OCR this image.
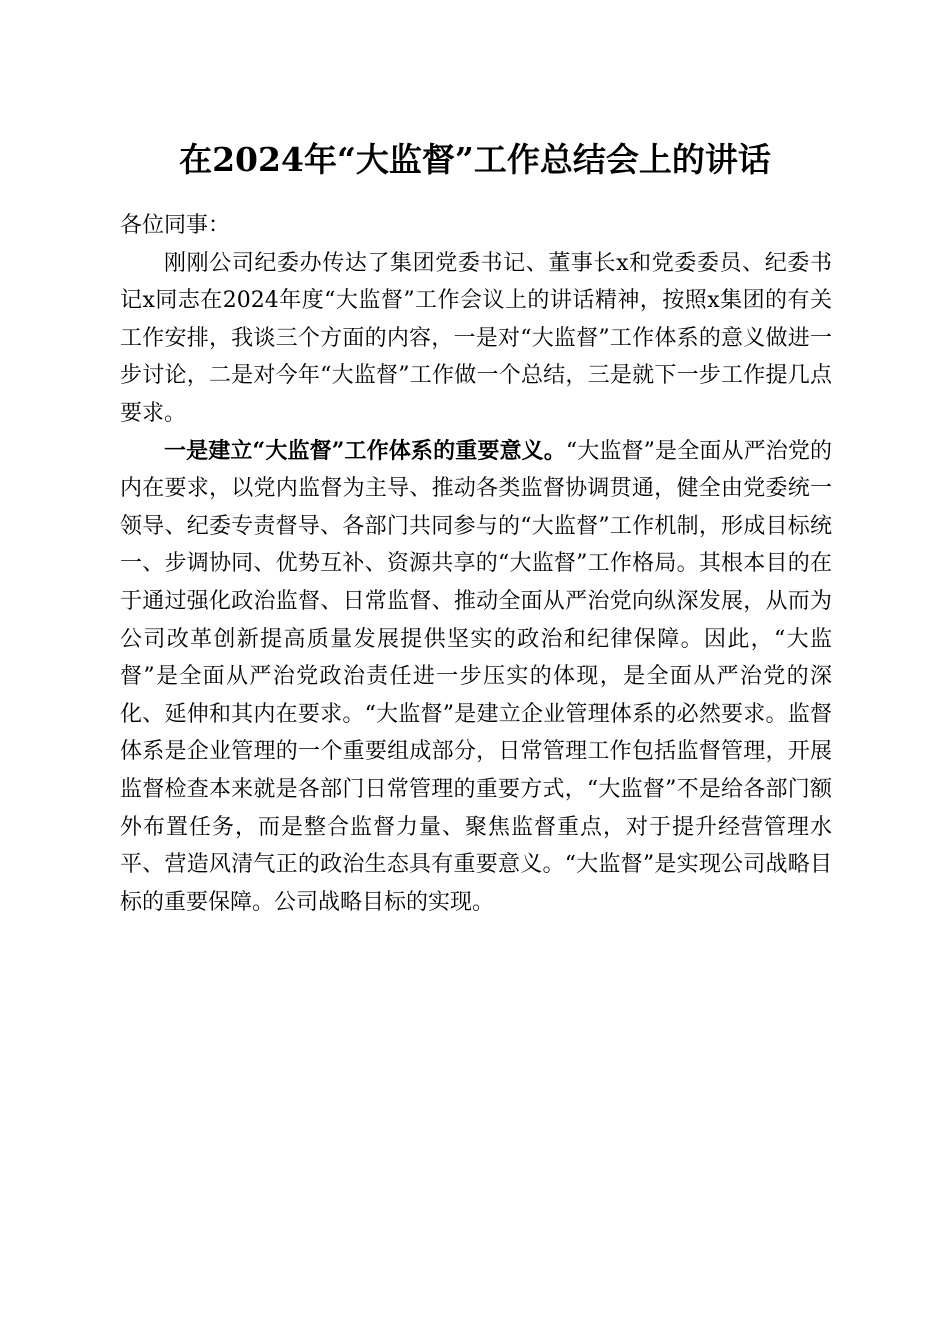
在2024年“大监督”工作总结会上的讲话

各位同事：

刚刚公司纪委办传达了集团党委书记、董事长x和党委委员、纪委书记x同志在2024年度“大监督”工作会议上的讲话精神，按照x集团的有关工作安排，我谈三个方面的内容，一是对“大监督”工作体系的意义做进一步讨论，二是对今年“大监督”工作做一个总结，三是就下一步工作提几点要求。

一是建立“大监督”工作体系的重要意义。“大监督”是全面从严治党的内在要求，以党内监督为主导、推动各类监督协调贯通，健全由党委统一领导、纪委专责督导、各部门共同参与的“大监督”工作机制，形成目标统一、步调协同、优势互补、资源共享的“大监督”工作格局。其根本目的在于通过强化政治监督、日常监督、推动全面从严治党向纵深发展，从而为公司改革创新提高质量发展提供坚实的政治和纪律保障。因此，“大监督”是全面从严治党政治责任进一步压实的体现，是全面从严治党的深化、延伸和其内在要求。“大监督”是建立企业管理体系的必然要求。监督体系是企业管理的一个重要组成部分，日常管理工作包括监督管理，开展监督检查本来就是各部门日常管理的重要方式，“大监督”不是给各部门额外布置任务，而是整合监督力量、聚焦监督重点，对于提升经营管理水平、营造风清气正的政治生态具有重要意义。“大监督”是实现公司战略目标的重要保障。公司战略目标的实现。
